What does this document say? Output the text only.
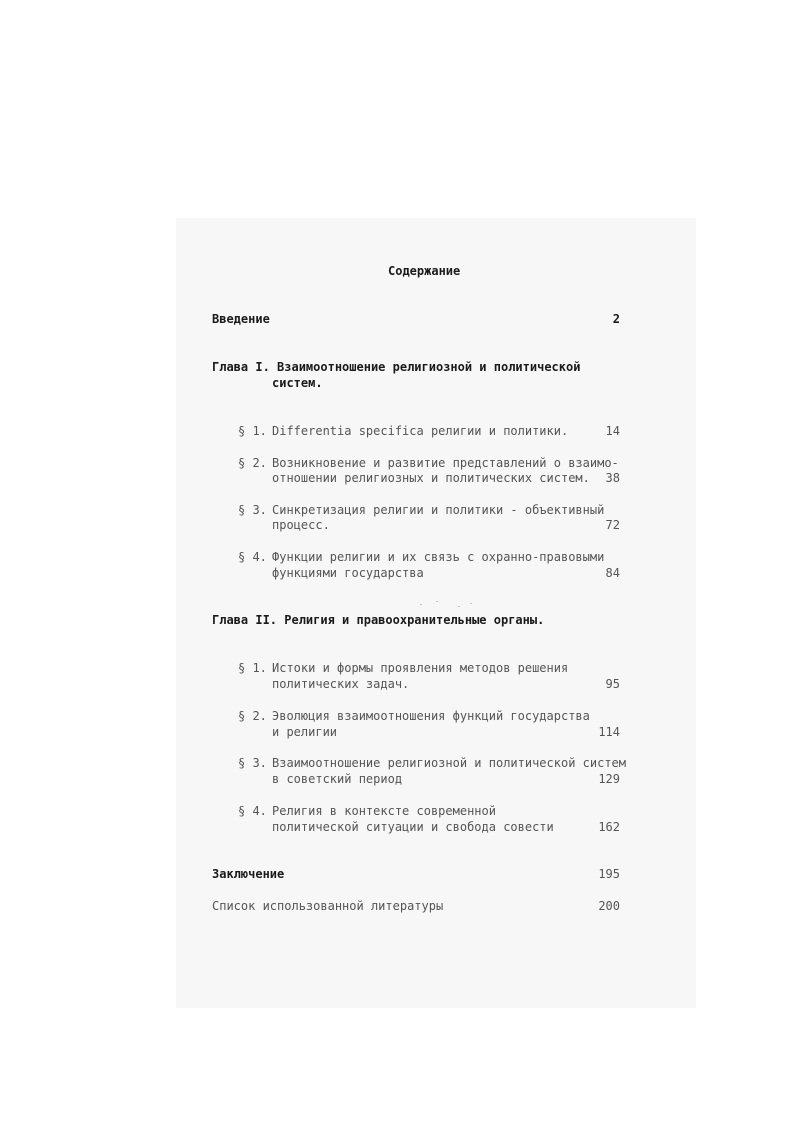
Содержание
Введение	2
Глава I. Взаимоотношение религиозной и политической
систем.
§ 1. Differentia specifica религии и политики.	14
§ 2. Возникновение и развитие представлений о взаимо-
отношении религиозных и политических систем.	38
§ 3. Синкретизация религии и политики - объективный
процесс.	72
§ 4. Функции религии и их связь с охранно-правовыми
функциями государства	84
Глава II. Религия и правоохранительные органы.
§ 1. Истоки и формы проявления методов решения
политических задач.	95
§ 2. Эволюция взаимоотношения функций государства
и религии	114
§ 3. Взаимоотношение религиозной и политической систем
в советский период	129
§ 4. Религия в контексте современной
политической ситуации и свобода совести	162
Заключение	195
Список использованной литературы	200
